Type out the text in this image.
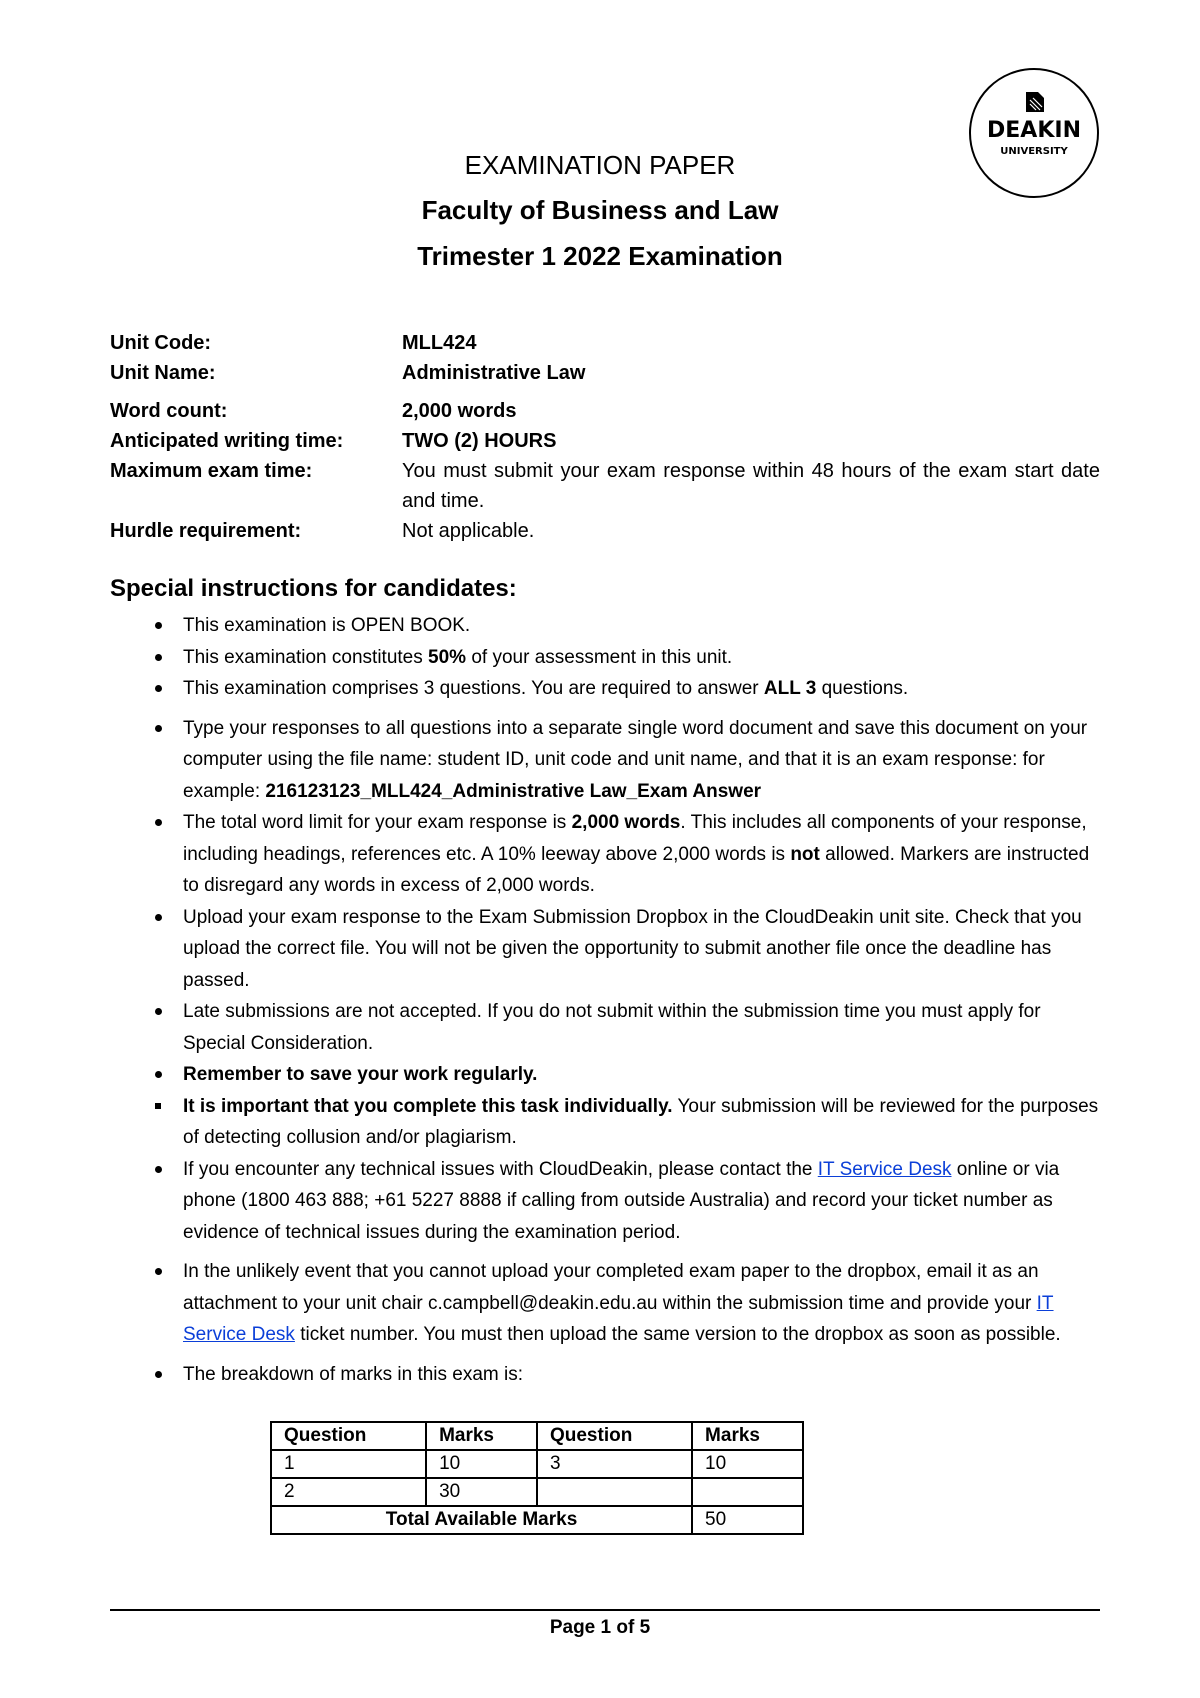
DEAKIN
UNIVERSITY
EXAMINATION PAPER
Faculty of Business and Law
Trimester 1 2022 Examination
Unit Code:	MLL424
Unit Name:	Administrative Law
Word count:	2,000 words
Anticipated writing time:	TWO (2) HOURS
Maximum exam time:	You must submit your exam response within 48 hours of the exam start date and time.
Hurdle requirement:	Not applicable.
Special instructions for candidates:
This examination is OPEN BOOK.
This examination constitutes 50% of your assessment in this unit.
This examination comprises 3 questions. You are required to answer ALL 3 questions.
Type your responses to all questions into a separate single word document and save this document on your computer using the file name: student ID, unit code and unit name, and that it is an exam response: for example: 216123123_MLL424_Administrative Law_Exam Answer
The total word limit for your exam response is 2,000 words. This includes all components of your response, including headings, references etc. A 10% leeway above 2,000 words is not allowed. Markers are instructed to disregard any words in excess of 2,000 words.
Upload your exam response to the Exam Submission Dropbox in the CloudDeakin unit site. Check that you upload the correct file. You will not be given the opportunity to submit another file once the deadline has passed.
Late submissions are not accepted. If you do not submit within the submission time you must apply for Special Consideration.
Remember to save your work regularly.
It is important that you complete this task individually. Your submission will be reviewed for the purposes of detecting collusion and/or plagiarism.
If you encounter any technical issues with CloudDeakin, please contact the IT Service Desk online or via phone (1800 463 888; +61 5227 8888 if calling from outside Australia) and record your ticket number as evidence of technical issues during the examination period.
In the unlikely event that you cannot upload your completed exam paper to the dropbox, email it as an attachment to your unit chair c.campbell@deakin.edu.au within the submission time and provide your IT Service Desk ticket number. You must then upload the same version to the dropbox as soon as possible.
The breakdown of marks in this exam is:
Question	Marks	Question	Marks
1	10	3	10
2	30		
Total Available Marks			50
Page 1 of 5
